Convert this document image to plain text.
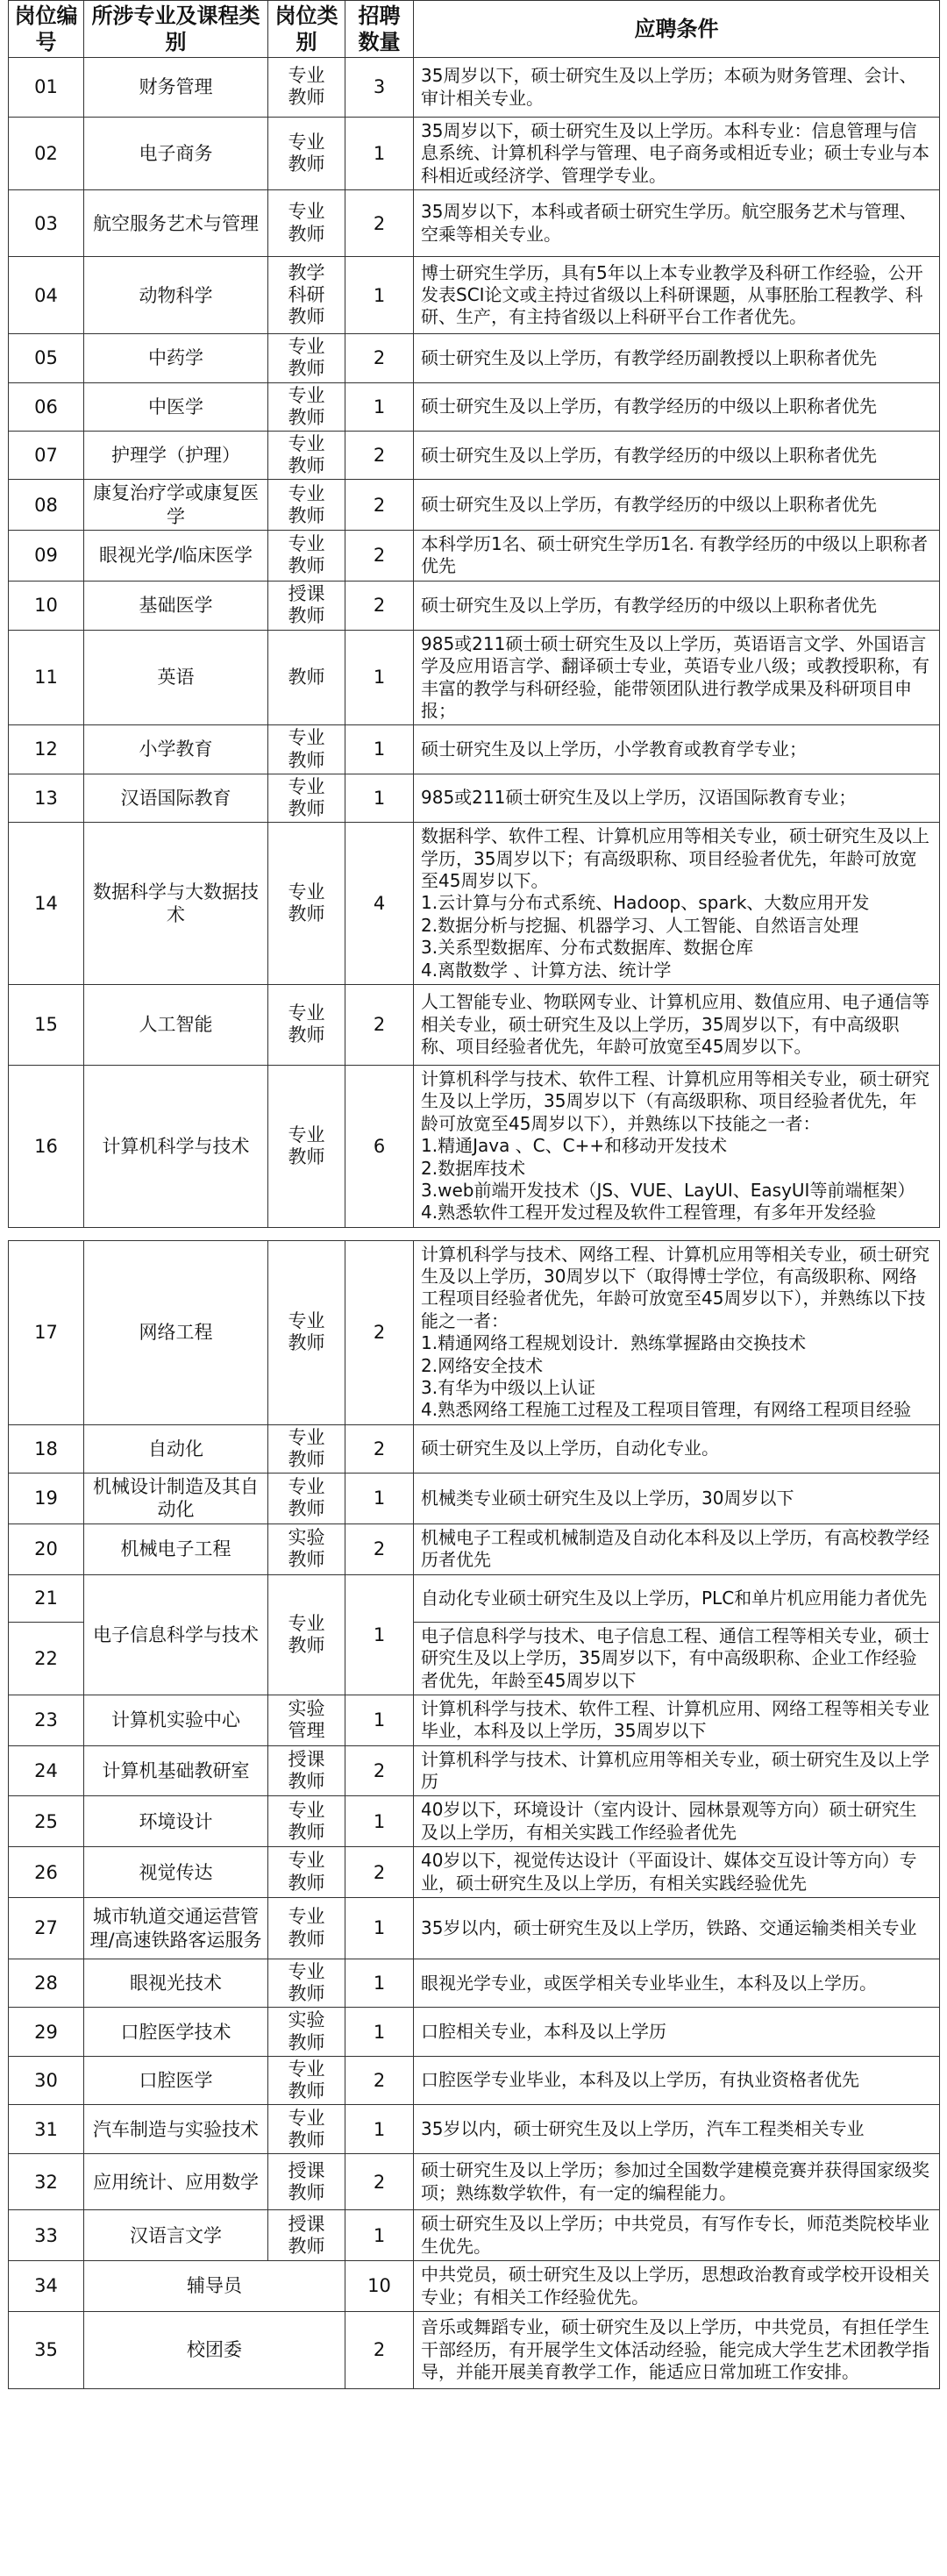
岗位编号	所涉专业及课程类别	岗位类别	招聘数量	应聘条件
01	财务管理	专业教师	3	35周岁以下，硕士研究生及以上学历；本硕为财务管理、会计、审计相关专业。
02	电子商务	专业教师	1	35周岁以下，硕士研究生及以上学历。本科专业：信息管理与信息系统、计算机科学与管理、电子商务或相近专业；硕士专业与本科相近或经济学、管理学专业。
03	航空服务艺术与管理	专业教师	2	35周岁以下，本科或者硕士研究生学历。航空服务艺术与管理、空乘等相关专业。
04	动物科学	教学科研教师	1	博士研究生学历，具有5年以上本专业教学及科研工作经验，公开发表SCI论文或主持过省级以上科研课题，从事胚胎工程教学、科研、生产，有主持省级以上科研平台工作者优先。
05	中药学	专业教师	2	硕士研究生及以上学历，有教学经历副教授以上职称者优先
06	中医学	专业教师	1	硕士研究生及以上学历，有教学经历的中级以上职称者优先
07	护理学（护理）	专业教师	2	硕士研究生及以上学历，有教学经历的中级以上职称者优先
08	康复治疗学或康复医学	专业教师	2	硕士研究生及以上学历，有教学经历的中级以上职称者优先
09	眼视光学/临床医学	专业教师	2	本科学历1名、硕士研究生学历1名. 有教学经历的中级以上职称者优先
10	基础医学	授课教师	2	硕士研究生及以上学历，有教学经历的中级以上职称者优先
11	英语	教师	1	985或211硕士硕士研究生及以上学历，英语语言文学、外国语言学及应用语言学、翻译硕士专业，英语专业八级；或教授职称，有丰富的教学与科研经验，能带领团队进行教学成果及科研项目申报；
12	小学教育	专业教师	1	硕士研究生及以上学历，小学教育或教育学专业；
13	汉语国际教育	专业教师	1	985或211硕士研究生及以上学历，汉语国际教育专业；
14	数据科学与大数据技术	专业教师	4	数据科学、软件工程、计算机应用等相关专业，硕士研究生及以上学历，35周岁以下；有高级职称、项目经验者优先，年龄可放宽至45周岁以下。
1.云计算与分布式系统、Hadoop、spark、大数应用开发
2.数据分析与挖掘、机器学习、人工智能、自然语言处理
3.关系型数据库、分布式数据库、数据仓库
4.离散数学 、计算方法、统计学
15	人工智能	专业教师	2	人工智能专业、物联网专业、计算机应用、数值应用、电子通信等相关专业，硕士研究生及以上学历，35周岁以下，有中高级职称、项目经验者优先，年龄可放宽至45周岁以下。
16	计算机科学与技术	专业教师	6	计算机科学与技术、软件工程、计算机应用等相关专业，硕士研究生及以上学历，35周岁以下（有高级职称、项目经验者优先，年龄可放宽至45周岁以下），并熟练以下技能之一者：
1.精通Java 、C、C++和移动开发技术
2.数据库技术
3.web前端开发技术（JS、VUE、LayUI、EasyUI等前端框架）
4.熟悉软件工程开发过程及软件工程管理，有多年开发经验
17	网络工程	专业教师	2	计算机科学与技术、网络工程、计算机应用等相关专业，硕士研究生及以上学历，30周岁以下（取得博士学位，有高级职称、网络工程项目经验者优先，年龄可放宽至45周岁以下），并熟练以下技能之一者：
1.精通网络工程规划设计．熟练掌握路由交换技术
2.网络安全技术
3.有华为中级以上认证
4.熟悉网络工程施工过程及工程项目管理，有网络工程项目经验
18	自动化	专业教师	2	硕士研究生及以上学历，自动化专业。
19	机械设计制造及其自动化	专业教师	1	机械类专业硕士研究生及以上学历，30周岁以下
20	机械电子工程	实验教师	2	机械电子工程或机械制造及自动化本科及以上学历，有高校教学经历者优先
21	电子信息科学与技术	专业教师	1	自动化专业硕士研究生及以上学历，PLC和单片机应用能力者优先
22				电子信息科学与技术、电子信息工程、通信工程等相关专业，硕士研究生及以上学历，35周岁以下，有中高级职称、企业工作经验者优先，年龄至45周岁以下
23	计算机实验中心	实验管理	1	计算机科学与技术、软件工程、计算机应用、网络工程等相关专业毕业，本科及以上学历，35周岁以下
24	计算机基础教研室	授课教师	2	计算机科学与技术、计算机应用等相关专业，硕士研究生及以上学历
25	环境设计	专业教师	1	40岁以下，环境设计（室内设计、园林景观等方向）硕士研究生及以上学历，有相关实践工作经验者优先
26	视觉传达	专业教师	2	40岁以下，视觉传达设计（平面设计、媒体交互设计等方向）专业，硕士研究生及以上学历，有相关实践经验优先
27	城市轨道交通运营管理/高速铁路客运服务	专业教师	1	35岁以内，硕士研究生及以上学历，铁路、交通运输类相关专业
28	眼视光技术	专业教师	1	眼视光学专业，或医学相关专业毕业生，本科及以上学历。
29	口腔医学技术	实验教师	1	口腔相关专业，本科及以上学历
30	口腔医学	专业教师	2	口腔医学专业毕业，本科及以上学历，有执业资格者优先
31	汽车制造与实验技术	专业教师	1	35岁以内，硕士研究生及以上学历，汽车工程类相关专业
32	应用统计、应用数学	授课教师	2	硕士研究生及以上学历；参加过全国数学建模竞赛并获得国家级奖项；熟练数学软件，有一定的编程能力。
33	汉语言文学	授课教师	1	硕士研究生及以上学历；中共党员，有写作专长，师范类院校毕业生优先。
34	辅导员		10	中共党员，硕士研究生及以上学历，思想政治教育或学校开设相关专业；有相关工作经验优先。
35	校团委		2	音乐或舞蹈专业，硕士研究生及以上学历，中共党员，有担任学生干部经历，有开展学生文体活动经验，能完成大学生艺术团教学指导，并能开展美育教学工作，能适应日常加班工作安排。
